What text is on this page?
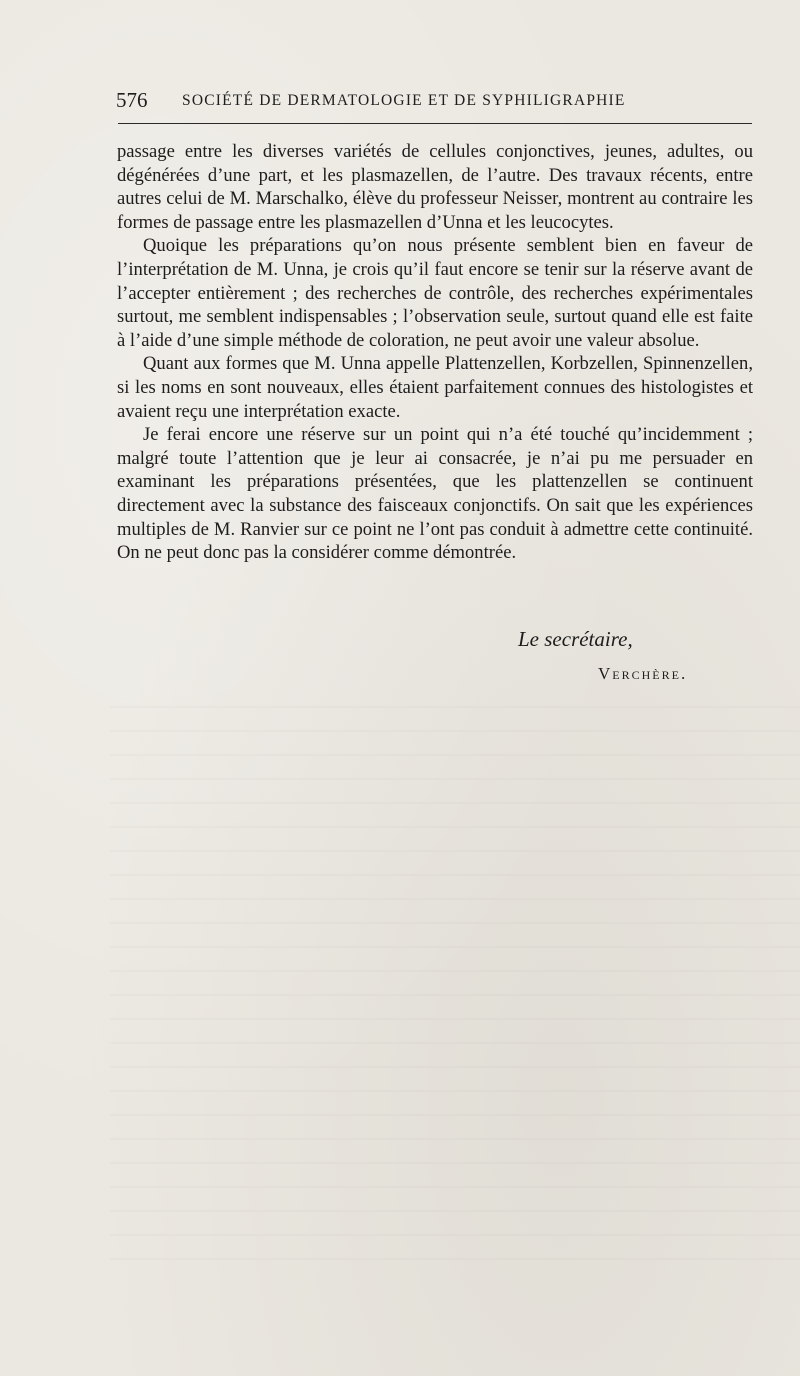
576 SOCIÉTÉ DE DERMATOLOGIE ET DE SYPHILIGRAPHIE

passage entre les diverses variétés de cellules conjonctives, jeunes, adultes, ou dégénérées d’une part, et les plasmazellen, de l’autre. Des travaux récents, entre autres celui de M. Marschalko, élève du professeur Neisser, montrent au contraire les formes de passage entre les plasmazellen d’Unna et les leucocytes.

Quoique les préparations qu’on nous présente semblent bien en faveur de l’interprétation de M. Unna, je crois qu’il faut encore se tenir sur la réserve avant de l’accepter entièrement ; des recherches de contrôle, des recherches expérimentales surtout, me semblent indispensables ; l’observation seule, surtout quand elle est faite à l’aide d’une simple méthode de coloration, ne peut avoir une valeur absolue.

Quant aux formes que M. Unna appelle Plattenzellen, Korbzellen, Spinnenzellen, si les noms en sont nouveaux, elles étaient parfaitement connues des histologistes et avaient reçu une interprétation exacte.

Je ferai encore une réserve sur un point qui n’a été touché qu’incidemment ; malgré toute l’attention que je leur ai consacrée, je n’ai pu me persuader en examinant les préparations présentées, que les plattenzellen se continuent directement avec la substance des faisceaux conjonctifs. On sait que les expériences multiples de M. Ranvier sur ce point ne l’ont pas conduit à admettre cette continuité. On ne peut donc pas la considérer comme démontrée.

Le secrétaire,
Verchère.
